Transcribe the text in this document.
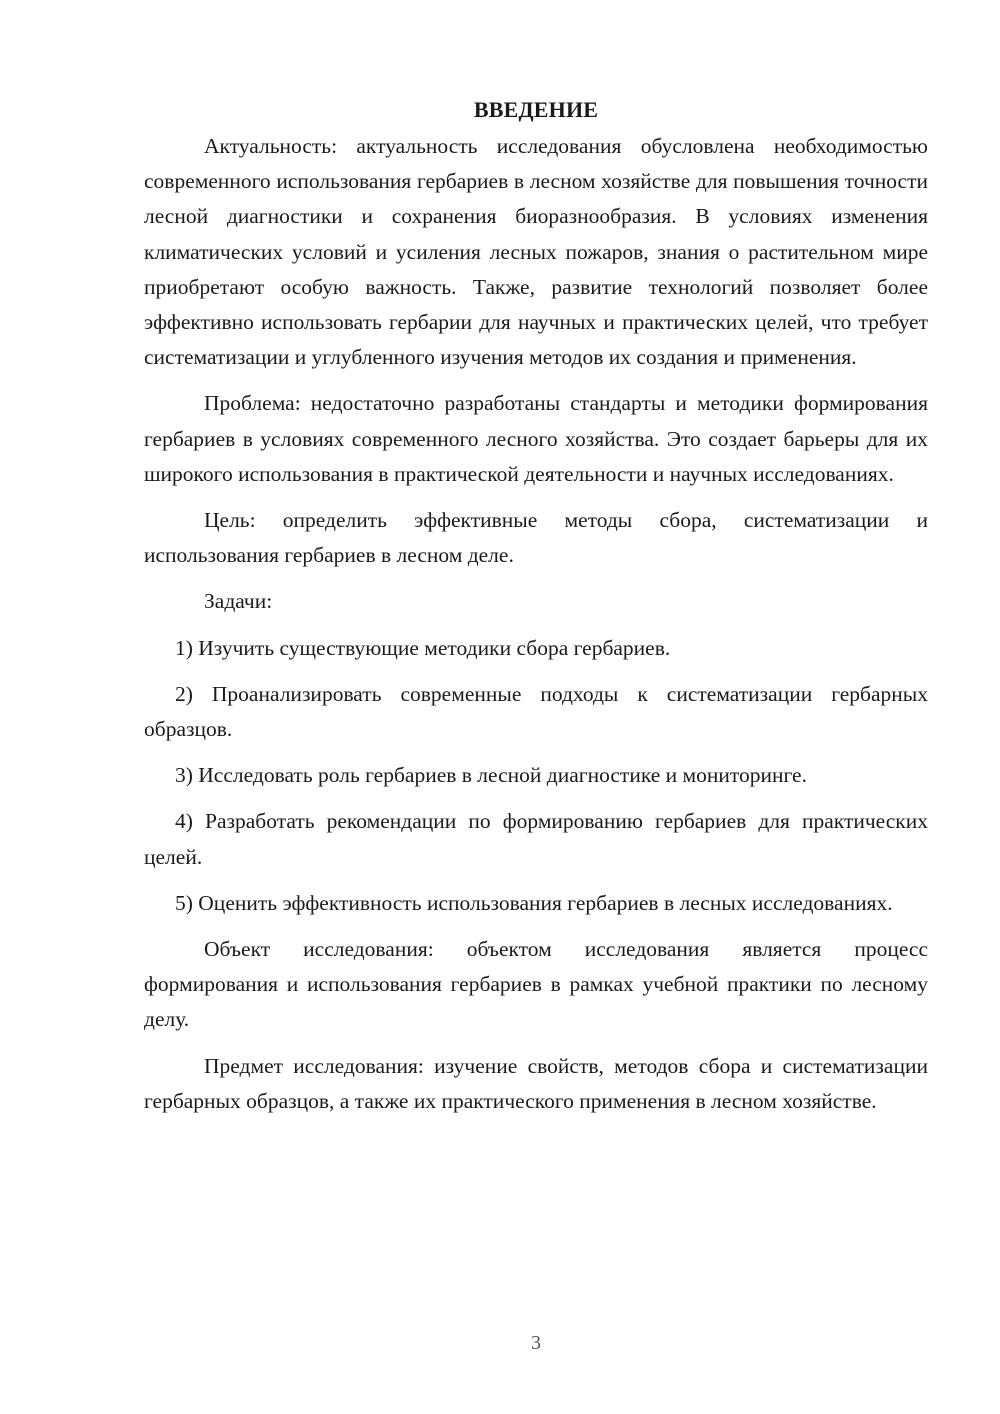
ВВЕДЕНИЕ

Актуальность: актуальность исследования обусловлена необходимостью современного использования гербариев в лесном хозяйстве для повышения точности лесной диагностики и сохранения биоразнообразия. В условиях изменения климатических условий и усиления лесных пожаров, знания о растительном мире приобретают особую важность. Также, развитие технологий позволяет более эффективно использовать гербарии для научных и практических целей, что требует систематизации и углубленного изучения методов их создания и применения.

Проблема: недостаточно разработаны стандарты и методики формирования гербариев в условиях современного лесного хозяйства. Это создает барьеры для их широкого использования в практической деятельности и научных исследованиях.

Цель: определить эффективные методы сбора, систематизации и использования гербариев в лесном деле.

Задачи:

1) Изучить существующие методики сбора гербариев.

2) Проанализировать современные подходы к систематизации гербарных образцов.

3) Исследовать роль гербариев в лесной диагностике и мониторинге.

4) Разработать рекомендации по формированию гербариев для практических целей.

5) Оценить эффективность использования гербариев в лесных исследованиях.

Объект исследования: объектом исследования является процесс формирования и использования гербариев в рамках учебной практики по лесному делу.

Предмет исследования: изучение свойств, методов сбора и систематизации гербарных образцов, а также их практического применения в лесном хозяйстве.

3
